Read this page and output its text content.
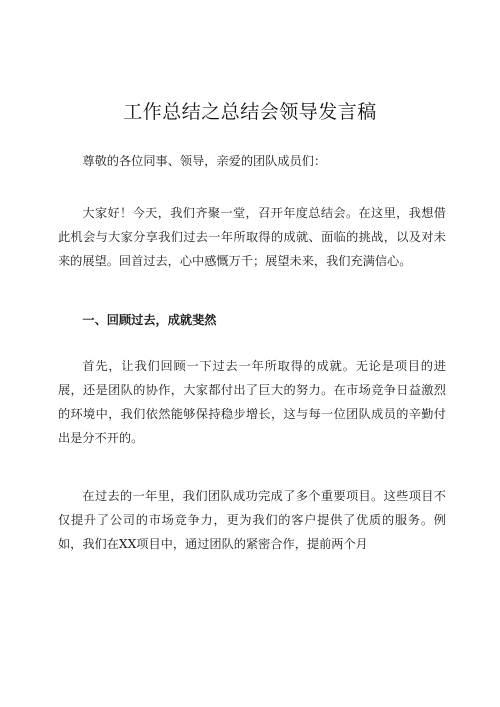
工作总结之总结会领导发言稿
尊敬的各位同事、领导，亲爱的团队成员们：
大家好！今天，我们齐聚一堂，召开年度总结会。在这里，我想借此机会与大家分享我们过去一年所取得的成就、面临的挑战，以及对未来的展望。回首过去，心中感慨万千；展望未来，我们充满信心。
一、回顾过去，成就斐然
首先，让我们回顾一下过去一年所取得的成就。无论是项目的进展，还是团队的协作，大家都付出了巨大的努力。在市场竞争日益激烈的环境中，我们依然能够保持稳步增长，这与每一位团队成员的辛勤付出是分不开的。
在过去的一年里，我们团队成功完成了多个重要项目。这些项目不仅提升了公司的市场竞争力，更为我们的客户提供了优质的服务。例如，我们在XX项目中，通过团队的紧密合作，提前两个月
